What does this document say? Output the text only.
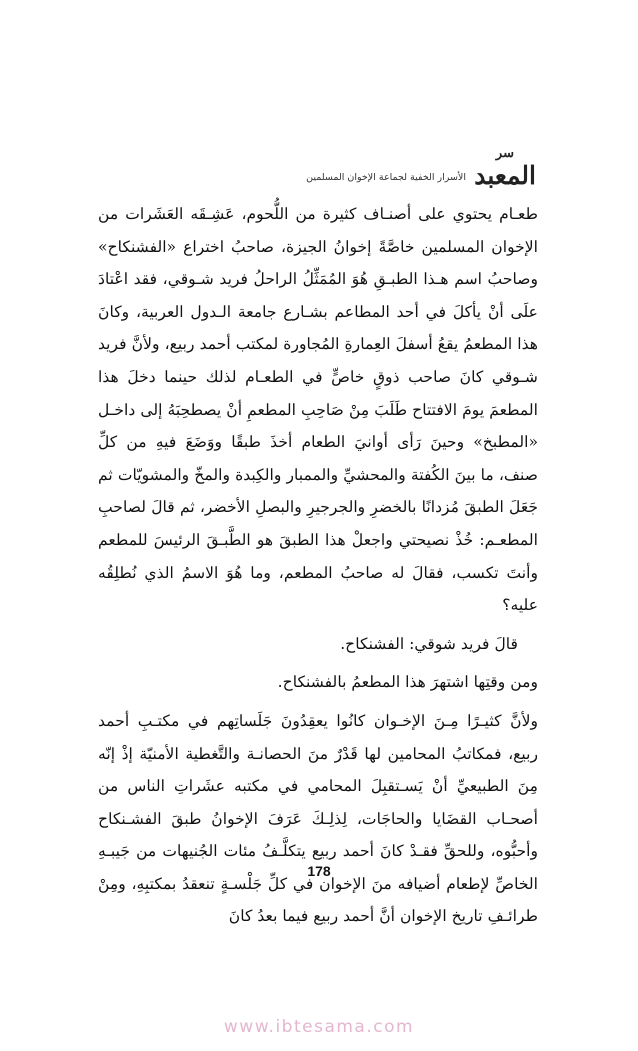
سر
المعبد
الأسرار الخفية لجماعة الإخوان المسلمين

طعـام يحتوي على أصنـاف كثيرة من اللُّحوم، عَشِـقَه العَشَرات من الإخوان المسلمين خاصَّةً إخوانُ الجيزة، صاحبُ اختراع «الفشنكاح» وصاحبُ اسم هـذا الطبـقِ هُوَ المُمَثِّلُ الراحلُ فريد شـوقي، فقد اعْتادَ علَى أنْ يأكلَ في أحد المطاعم بشـارع جامعة الـدول العربية، وكانَ هذا المطعمُ يقعُ أسفلَ العِمارةِ المُجاورة لمكتب أحمد ربيع، ولأنَّ فريد شـوقي كانَ صاحب ذوقٍ خاصٍّ في الطعـام لذلك حينما دخلَ هذا المطعمَ يومَ الافتتاح طَلَبَ مِنْ صَاحِبِ المطعمِ أنْ يصطحِبَهُ إلى داخـل «المطبخ» وحينَ رَأى أوانيَ الطعام أخذَ طبقًا ووَضَعَ فيهِ من كلِّ صنف، ما بينَ الكُفتة والمحشيِّ والممبار والكِبدة والمخّ والمشويّات ثم جَعَلَ الطبقَ مُزدانًا بالخضرِ والجرجيرِ والبصلِ الأخضر، ثم قالَ لصاحبِ المطعـم: خُذْ نصيحتي واجعلْ هذا الطبقَ هو الطَّبـقَ الرئيسَ للمطعم وأنتَ تكسب، فقالَ له صاحبُ المطعم، وما هُوَ الاسمُ الذي نُطلِقُه عليه؟

قالَ فريد شوقي: الفشنكاح.

ومن وقتِها اشتهرَ هذا المطعمُ بالفشنكاح.

ولأنَّ كثيـرًا مِـنَ الإخـوان كانُوا يعقِدُونَ جَلَساتِهم في مكتـبِ أحمد ربيع، فمكاتبُ المحامين لها قَدْرٌ منَ الحصانـة والتَّغطية الأمنيّة إذْ إنّه مِنَ الطبيعيِّ أنْ يَسـتقبِلَ المحامي في مكتبه عشَراتِ الناس من أصحـاب القضَايا والحاجَات، لِذلِـكَ عَرَفَ الإخوانُ طبقَ الفشـنكاح وأحبُّوه، وللحقِّ فقـدْ كانَ أحمد ربيع يتكلَّـفُ مئات الجُنيهات من جَيبـهِ الخاصِّ لإطعام أضيافه منَ الإخوان في كلِّ جَلْسـةٍ تنعقدُ بمكتبِهِ، ومِنْ طرائـفِ تاريخ الإخوان أنَّ أحمد ربيع فيما بعدُ كانَ

178
www.ibtesama.com
